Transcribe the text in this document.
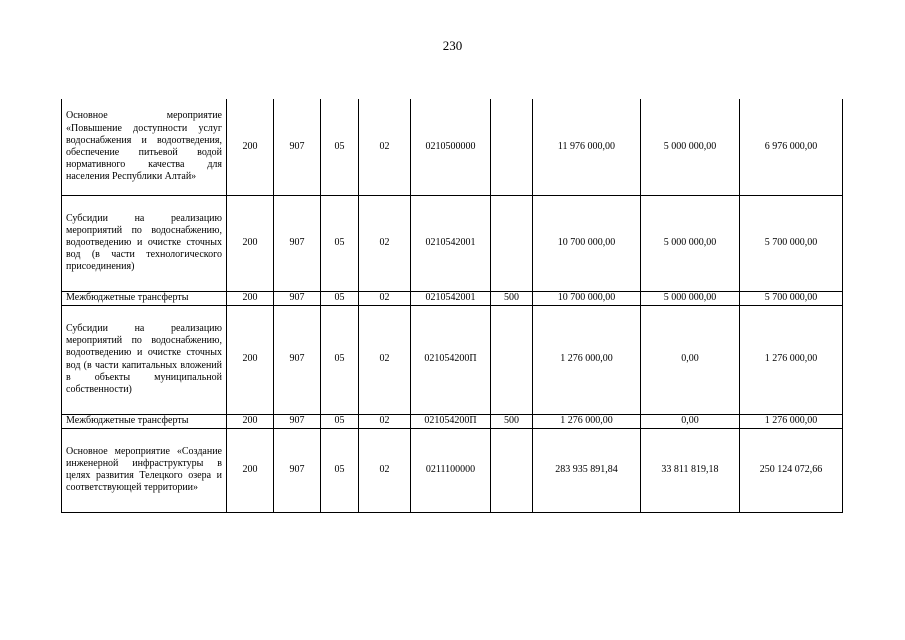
230
Основное мероприятие «Повышение доступности услуг водоснабжения и водоотведения, обеспечение питьевой водой нормативного качества для населения Республики Алтай»	200	907	05	02	0210500000		11 976 000,00	5 000 000,00	6 976 000,00
Субсидии на реализацию мероприятий по водоснабжению, водоотведению и очистке сточных вод (в части технологического присоединения)	200	907	05	02	0210542001		10 700 000,00	5 000 000,00	5 700 000,00
Межбюджетные трансферты	200	907	05	02	0210542001	500	10 700 000,00	5 000 000,00	5 700 000,00
Субсидии на реализацию мероприятий по водоснабжению, водоотведению и очистке сточных вод (в части капитальных вложений в объекты муниципальной собственности)	200	907	05	02	021054200П		1 276 000,00	0,00	1 276 000,00
Межбюджетные трансферты	200	907	05	02	021054200П	500	1 276 000,00	0,00	1 276 000,00
Основное мероприятие «Создание инженерной инфраструктуры в целях развития Телецкого озера и соответствующей территории»	200	907	05	02	0211100000		283 935 891,84	33 811 819,18	250 124 072,66
